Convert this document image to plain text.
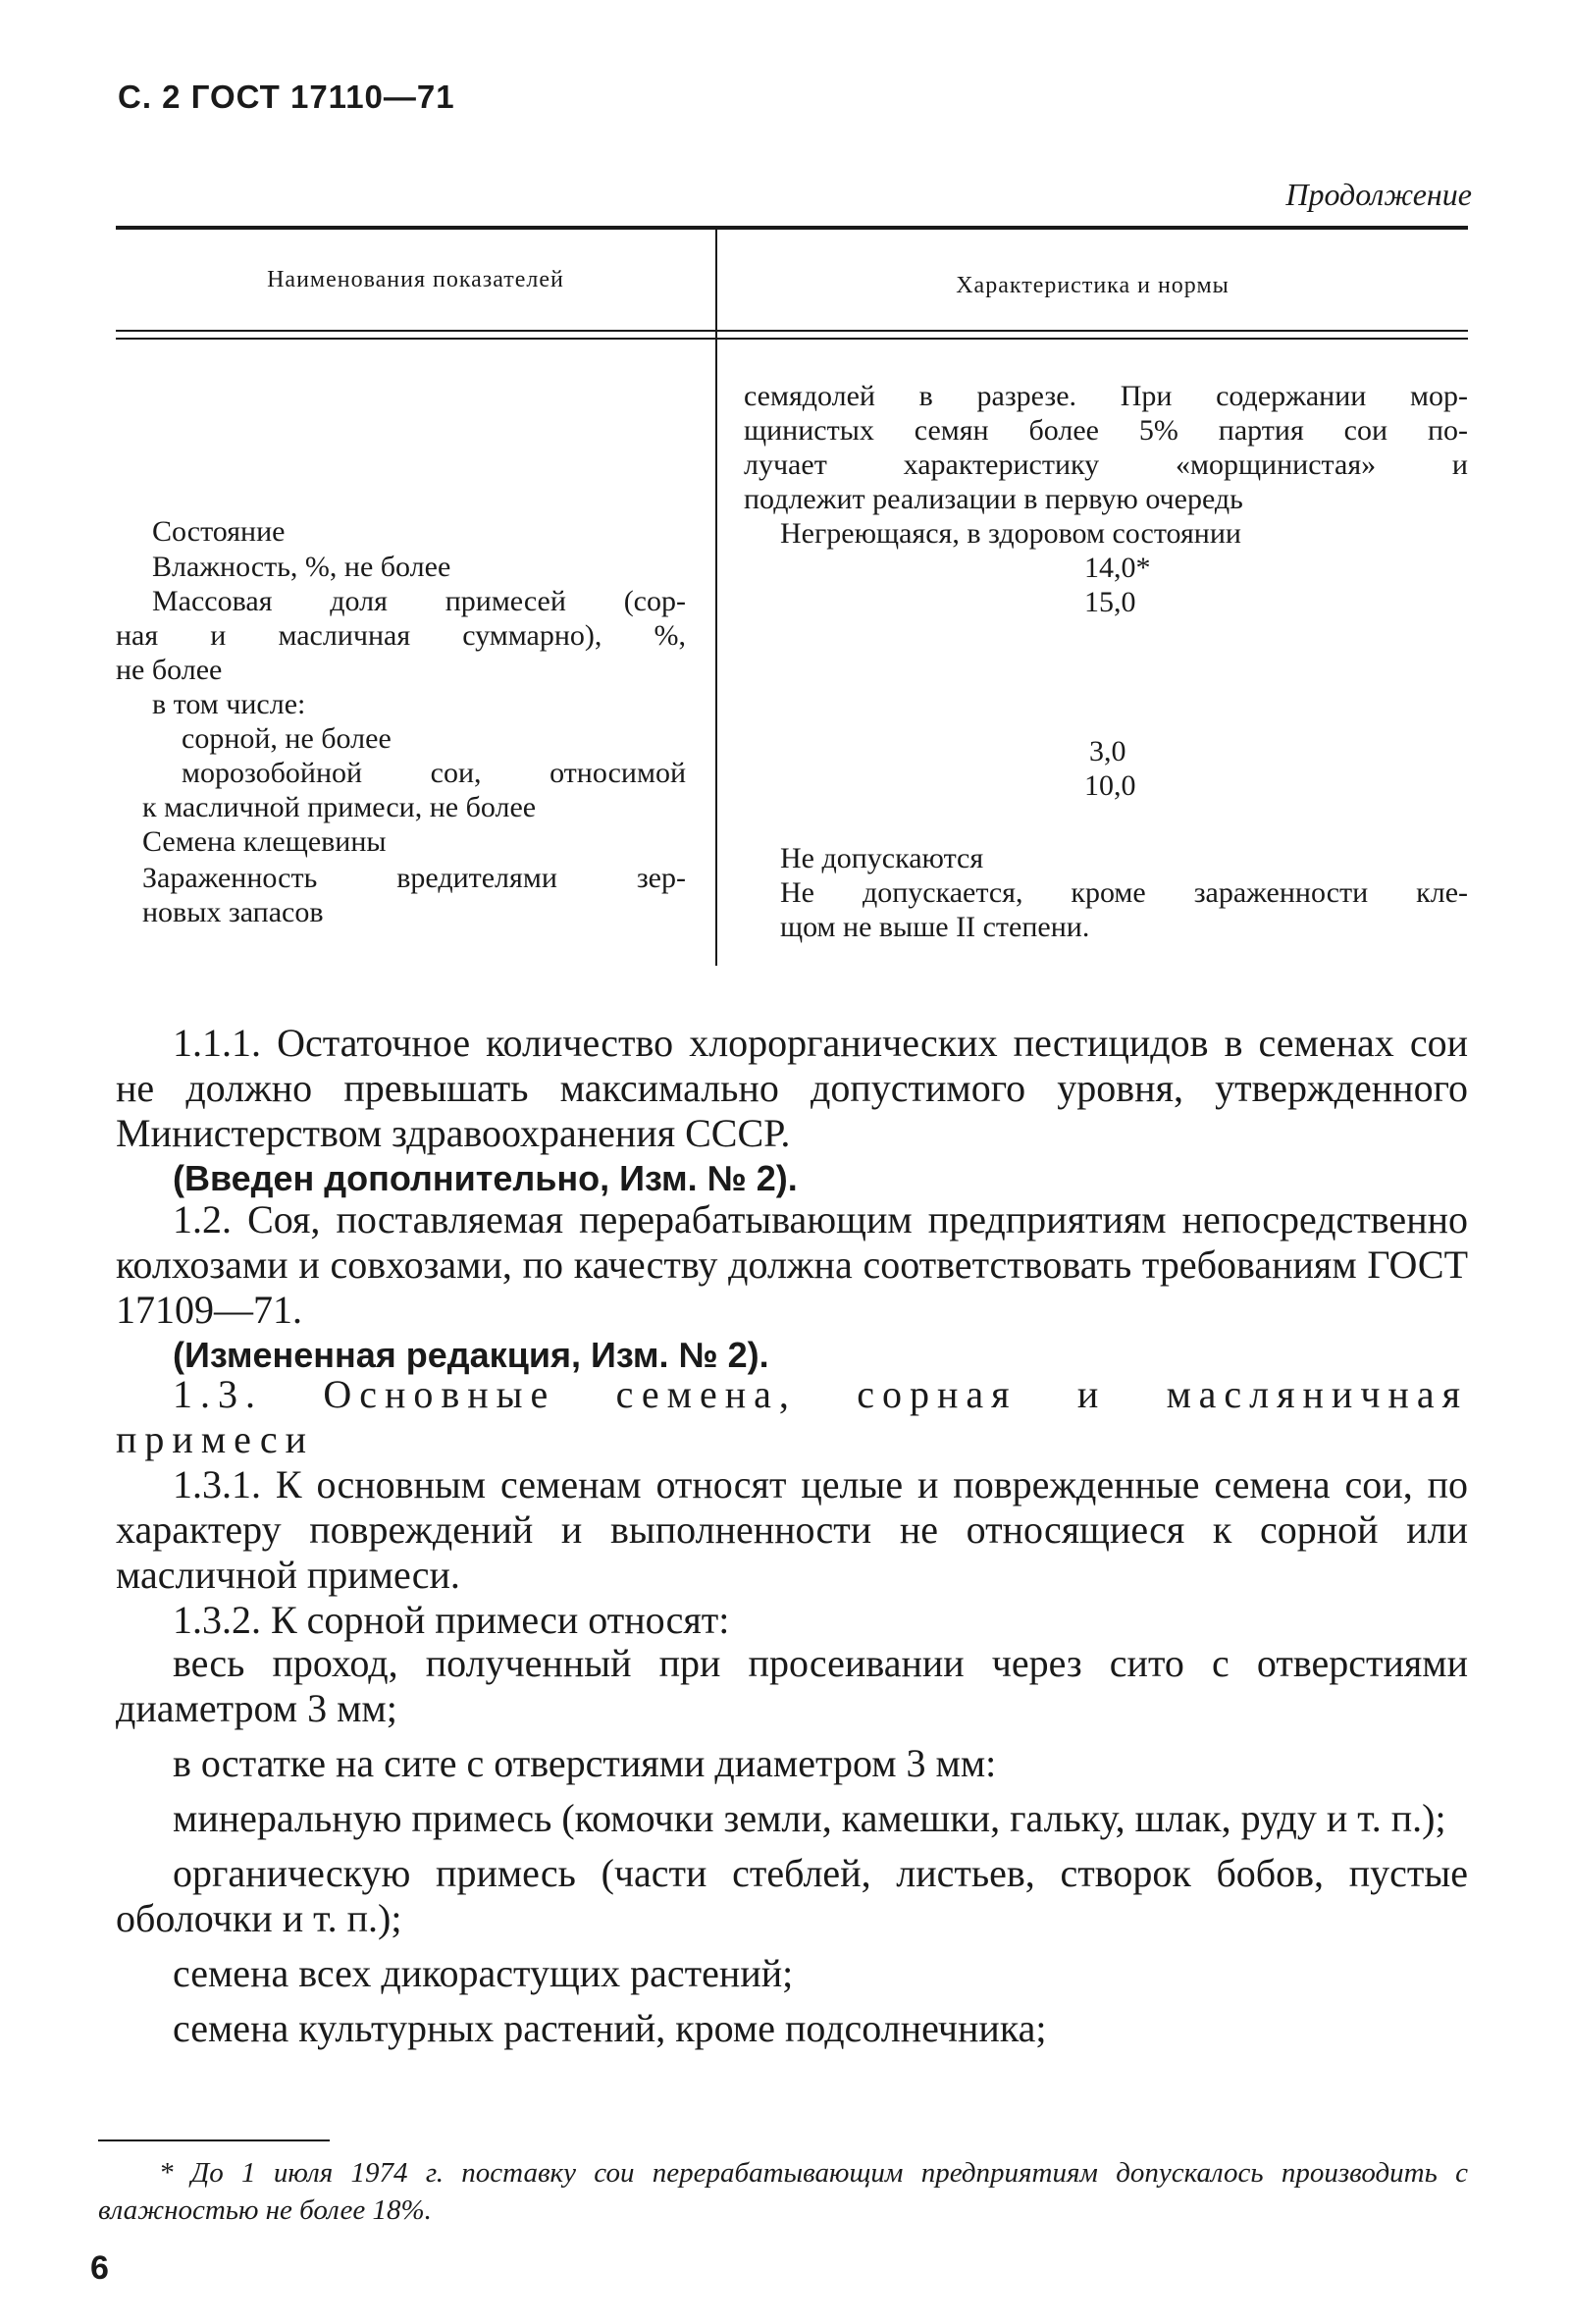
С. 2 ГОСТ 17110—71
Продолжение
Наименования показателей	Характеристика и нормы
Состояние
Влажность, %, не более
Массовая доля примесей (сор-
ная и масличная суммарно), %,
не более
в том числе:
сорной, не более
морозобойной сои, относимой
к масличной примеси, не более
Семена клещевины
Зараженность вредителями зер-
новых запасов
семядолей в разрезе. При содержании мор-
щинистых семян более 5% партия сои по-
лучает характеристику «морщинистая» и
подлежит реализации в первую очередь
Негреющаяся, в здоровом состоянии
14,0*
15,0
3,0
10,0
Не допускаются
Не допускается, кроме зараженности кле-
щом не выше II степени.

1.1.1. Остаточное количество хлорорганических пестицидов в семенах сои не должно превышать максимально допустимого уровня, утвержденного Министерством здравоохранения СССР.

(Введен дополнительно, Изм. № 2).

1.2. Соя, поставляемая перерабатывающим предприятиям непосредственно колхозами и совхозами, по качеству должна соответствовать требованиям ГОСТ 17109—71.

(Измененная редакция, Изм. № 2).

1.3. Основные семена, сорная и масляничная примеси

1.3.1. К основным семенам относят целые и поврежденные семена сои, по характеру повреждений и выполненности не относящиеся к сорной или масличной примеси.

1.3.2. К сорной примеси относят:

весь проход, полученный при просеивании через сито с отверстиями диаметром 3 мм;

в остатке на сите с отверстиями диаметром 3 мм:

минеральную примесь (комочки земли, камешки, гальку, шлак, руду и т. п.);

органическую примесь (части стеблей, листьев, створок бобов, пустые оболочки и т. п.);

семена всех дикорастущих растений;

семена культурных растений, кроме подсолнечника;

* До 1 июля 1974 г. поставку сои перерабатывающим предприятиям допускалось производить с влажностью не более 18%.

6
